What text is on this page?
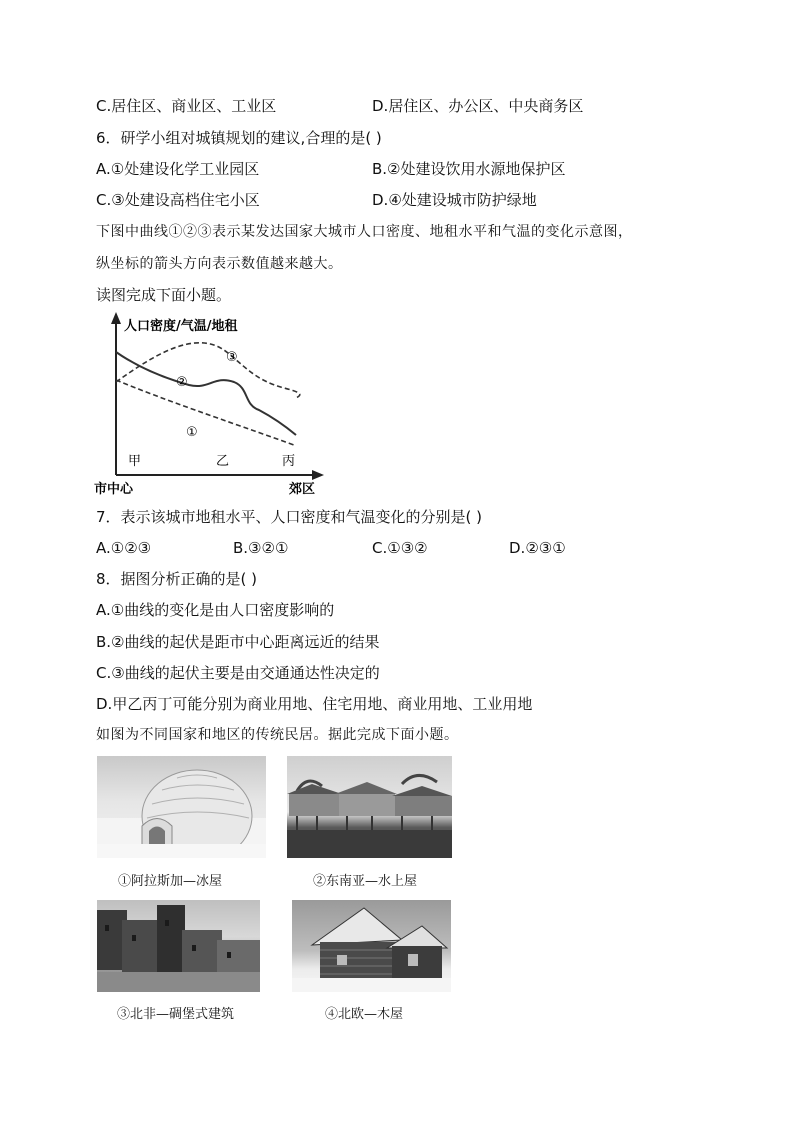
C.居住区、商业区、工业区	D.居住区、办公区、中央商务区
6．研学小组对城镇规划的建议,合理的是( )
A.①处建设化学工业园区	B.②处建设饮用水源地保护区
C.③处建设高档住宅小区	D.④处建设城市防护绿地
下图中曲线①②③表示某发达国家大城市人口密度、地租水平和气温的变化示意图，
纵坐标的箭头方向表示数值越来越大。
读图完成下面小题。
人口密度/气温/地租
③
②
①
甲	乙	丙
市中心	郊区
7．表示该城市地租水平、人口密度和气温变化的分别是( )
A.①②③	B.③②①	C.①③②	D.②③①
8．据图分析正确的是( )
A.①曲线的变化是由人口密度影响的
B.②曲线的起伏是距市中心距离远近的结果
C.③曲线的起伏主要是由交通通达性决定的
D.甲乙丙丁可能分别为商业用地、住宅用地、商业用地、工业用地
如图为不同国家和地区的传统民居。据此完成下面小题。
①阿拉斯加—冰屋	②东南亚—水上屋
③北非—碉堡式建筑	④北欧—木屋
